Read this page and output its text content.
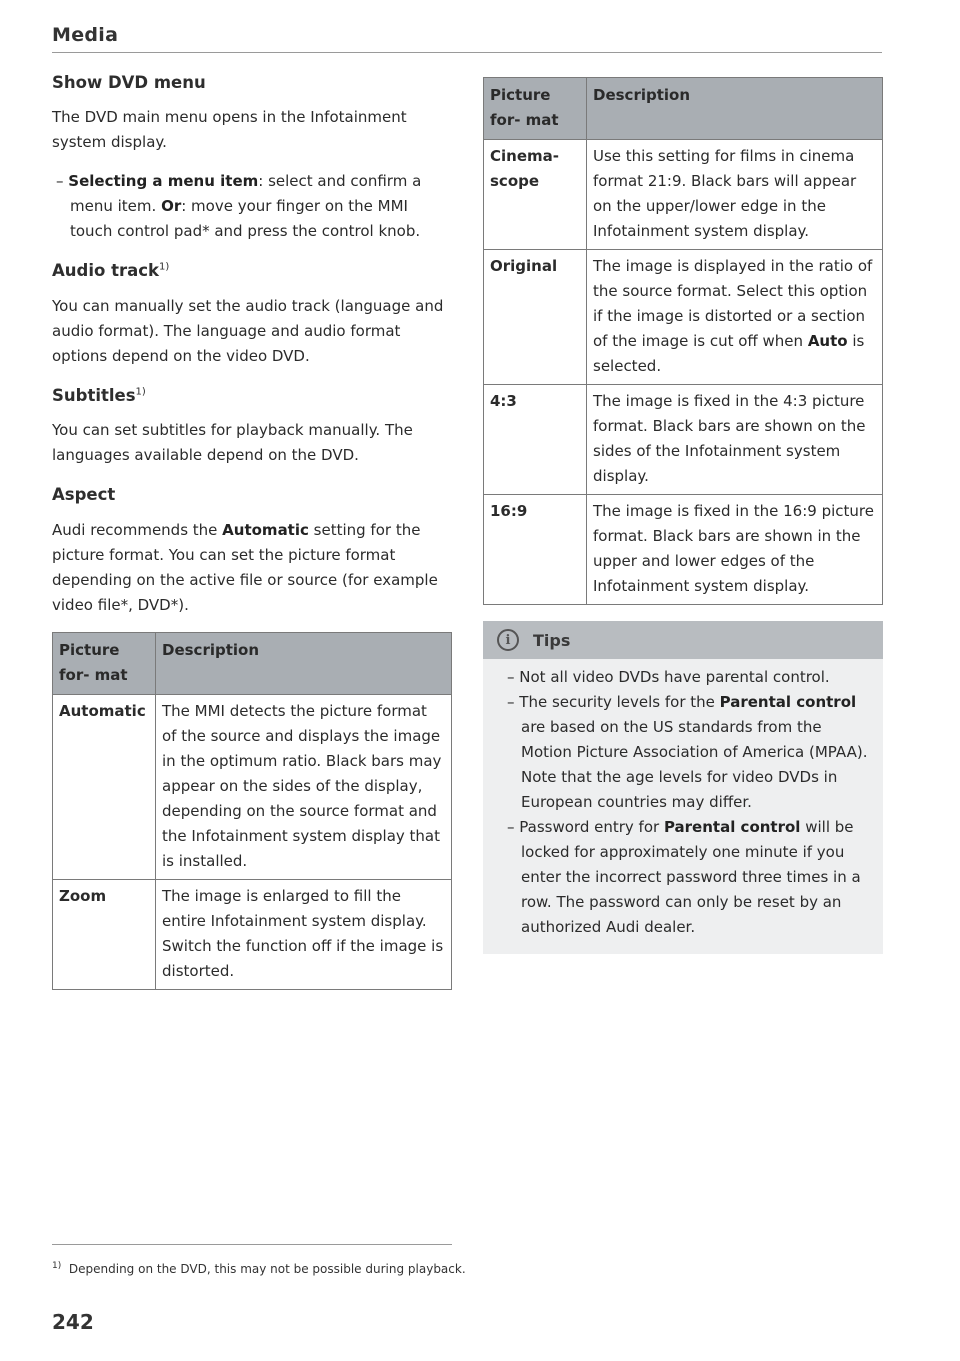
Media
Show DVD menu

The DVD main menu opens in the Infotainment system display.

– Selecting a menu item: select and confirm a menu item. Or: move your finger on the MMI touch control pad* and press the control knob.
Audio track$^{1)}$

You can manually set the audio track (language and audio format). The language and audio format options depend on the video DVD.

Subtitles$^{1)}$

You can set subtitles for playback manually. The languages available depend on the DVD.

Aspect

Audi recommends the Automatic setting for the picture format. You can set the picture format depending on the active file or source (for example video file*, DVD*).

Picture for- mat	Description
Automatic	The MMI detects the picture format of the source and displays the image in the optimum ratio. Black bars may appear on the sides of the display, depending on the source format and the Infotainment system display that is installed.
Zoom	The image is enlarged to fill the entire Infotainment system display. Switch the function off if the image is distorted.
Picture for- mat	Description
Cinema- scope	Use this setting for films in cinema format 21:9. Black bars will appear on the upper/lower edge in the Infotainment system display.
Original	The image is displayed in the ratio of the source format. Select this option if the image is distorted or a section of the image is cut off when Auto is selected.
4:3	The image is fixed in the 4:3 picture format. Black bars are shown on the sides of the Infotainment system display.
16:9	The image is fixed in the 16:9 picture format. Black bars are shown in the upper and lower edges of the Infotainment system display.
i	Tips
– Not all video DVDs have parental control.
– The security levels for the Parental control are based on the US standards from the Motion Picture Association of America (MPAA). Note that the age levels for video DVDs in European countries may differ.
– Password entry for Parental control will be locked for approximately one minute if you enter the incorrect password three times in a row. The password can only be reset by an authorized Audi dealer.
$^{1)}$ Depending on the DVD, this may not be possible during playback.
242
